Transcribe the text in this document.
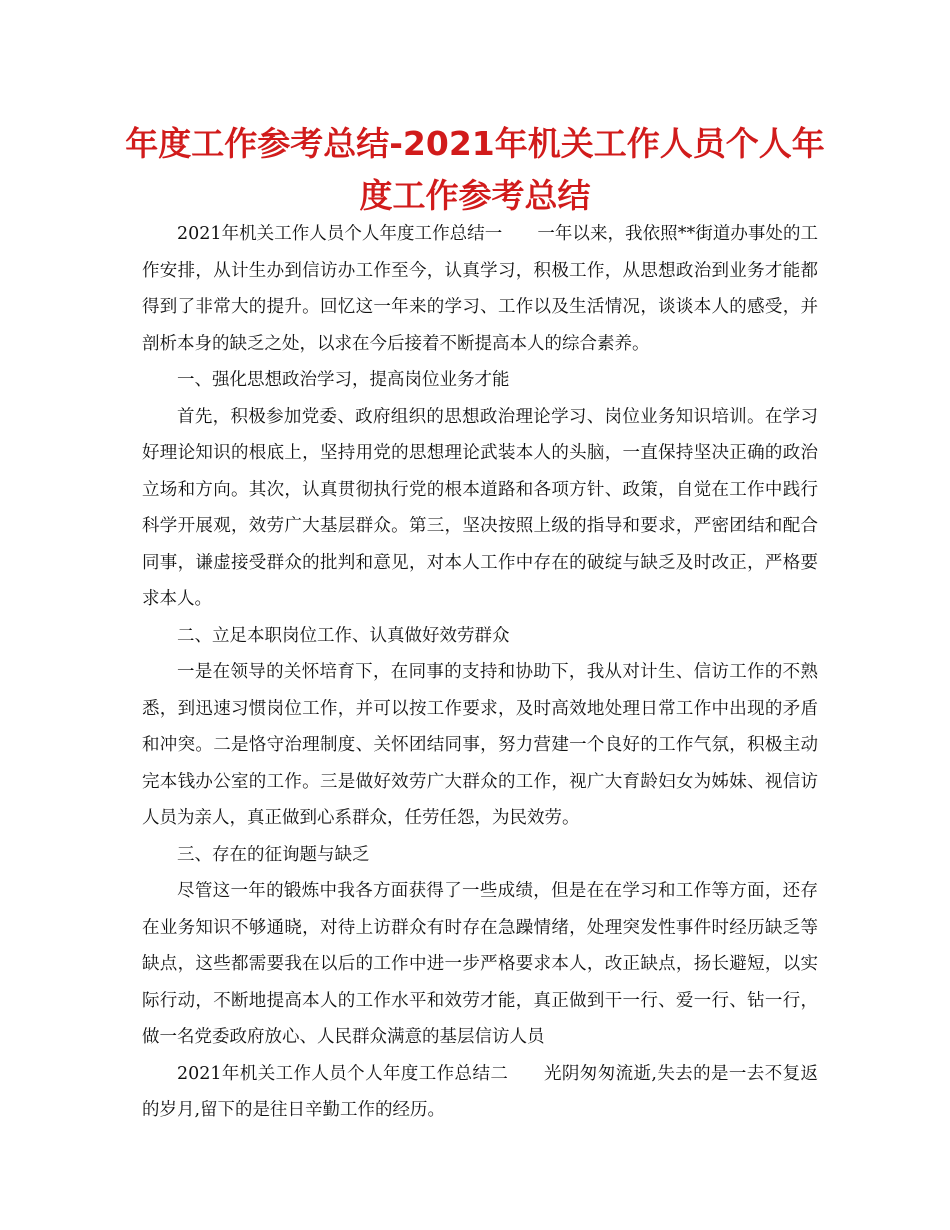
年度工作参考总结-2021年机关工作人员个人年度工作参考总结

2021年机关工作人员个人年度工作总结一　　一年以来，我依照**街道办事处的工作安排，从计生办到信访办工作至今，认真学习，积极工作，从思想政治到业务才能都得到了非常大的提升。回忆这一年来的学习、工作以及生活情况，谈谈本人的感受，并剖析本身的缺乏之处，以求在今后接着不断提高本人的综合素养。

一、强化思想政治学习，提高岗位业务才能

首先，积极参加党委、政府组织的思想政治理论学习、岗位业务知识培训。在学习好理论知识的根底上，坚持用党的思想理论武装本人的头脑，一直保持坚决正确的政治立场和方向。其次，认真贯彻执行党的根本道路和各项方针、政策，自觉在工作中践行科学开展观，效劳广大基层群众。第三，坚决按照上级的指导和要求，严密团结和配合同事，谦虚接受群众的批判和意见，对本人工作中存在的破绽与缺乏及时改正，严格要求本人。

二、立足本职岗位工作、认真做好效劳群众

一是在领导的关怀培育下，在同事的支持和协助下，我从对计生、信访工作的不熟悉，到迅速习惯岗位工作，并可以按工作要求，及时高效地处理日常工作中出现的矛盾和冲突。二是恪守治理制度、关怀团结同事，努力营建一个良好的工作气氛，积极主动完本钱办公室的工作。三是做好效劳广大群众的工作，视广大育龄妇女为姊妹、视信访人员为亲人，真正做到心系群众，任劳任怨，为民效劳。

三、存在的征询题与缺乏

尽管这一年的锻炼中我各方面获得了一些成绩，但是在在学习和工作等方面，还存在业务知识不够通晓，对待上访群众有时存在急躁情绪，处理突发性事件时经历缺乏等缺点，这些都需要我在以后的工作中进一步严格要求本人，改正缺点，扬长避短，以实际行动，不断地提高本人的工作水平和效劳才能，真正做到干一行、爱一行、钻一行，做一名党委政府放心、人民群众满意的基层信访人员

2021年机关工作人员个人年度工作总结二　　光阴匆匆流逝,失去的是一去不复返的岁月,留下的是往日辛勤工作的经历。
